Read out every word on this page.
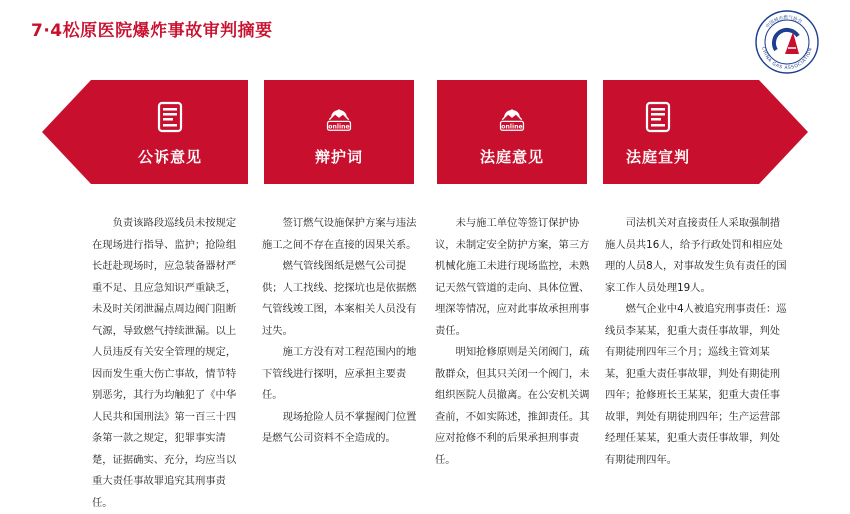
7·4松原医院爆炸事故审判摘要
CHINA GAS ASSOCIATION
中国城市燃气协会
公诉意见
online
辩护词
online
法庭意见	法庭宣判

负责该路段巡线员未按规定在现场进行指导、监护；抢险组长赶赴现场时，应急装备器材严重不足、且应急知识严重缺乏，未及时关闭泄漏点周边阀门阻断气源，导致燃气持续泄漏。以上人员违反有关安全管理的规定，因而发生重大伤亡事故，情节特别恶劣，其行为均触犯了《中华人民共和国刑法》第一百三十四条第一款之规定，犯罪事实清楚，证据确实、充分，均应当以重大责任事故罪追究其刑事责任。

签订燃气设施保护方案与违法施工之间不存在直接的因果关系。

燃气管线图纸是燃气公司提供；人工找线、挖探坑也是依据燃气管线竣工图，本案相关人员没有过失。

施工方没有对工程范围内的地下管线进行探明，应承担主要责任。

现场抢险人员不掌握阀门位置是燃气公司资料不全造成的。

未与施工单位等签订保护协议，未制定安全防护方案，第三方机械化施工未进行现场监控，未熟记天然气管道的走向、具体位置、埋深等情况，应对此事故承担刑事责任。

明知抢修原则是关闭阀门，疏散群众，但其只关闭一个阀门，未组织医院人员撤离。在公安机关调查前，不如实陈述，推卸责任。其应对抢修不利的后果承担刑事责任。

司法机关对直接责任人采取强制措施人员共16人，给予行政处罚和相应处理的人员8人，对事故发生负有责任的国家工作人员处理19人。

燃气企业中4人被追究刑事责任：巡线员李某某，犯重大责任事故罪，判处有期徒刑四年三个月；巡线主管刘某某，犯重大责任事故罪，判处有期徒刑四年；抢修班长王某某，犯重大责任事故罪，判处有期徒刑四年；生产运营部经理任某某，犯重大责任事故罪，判处有期徒刑四年。
